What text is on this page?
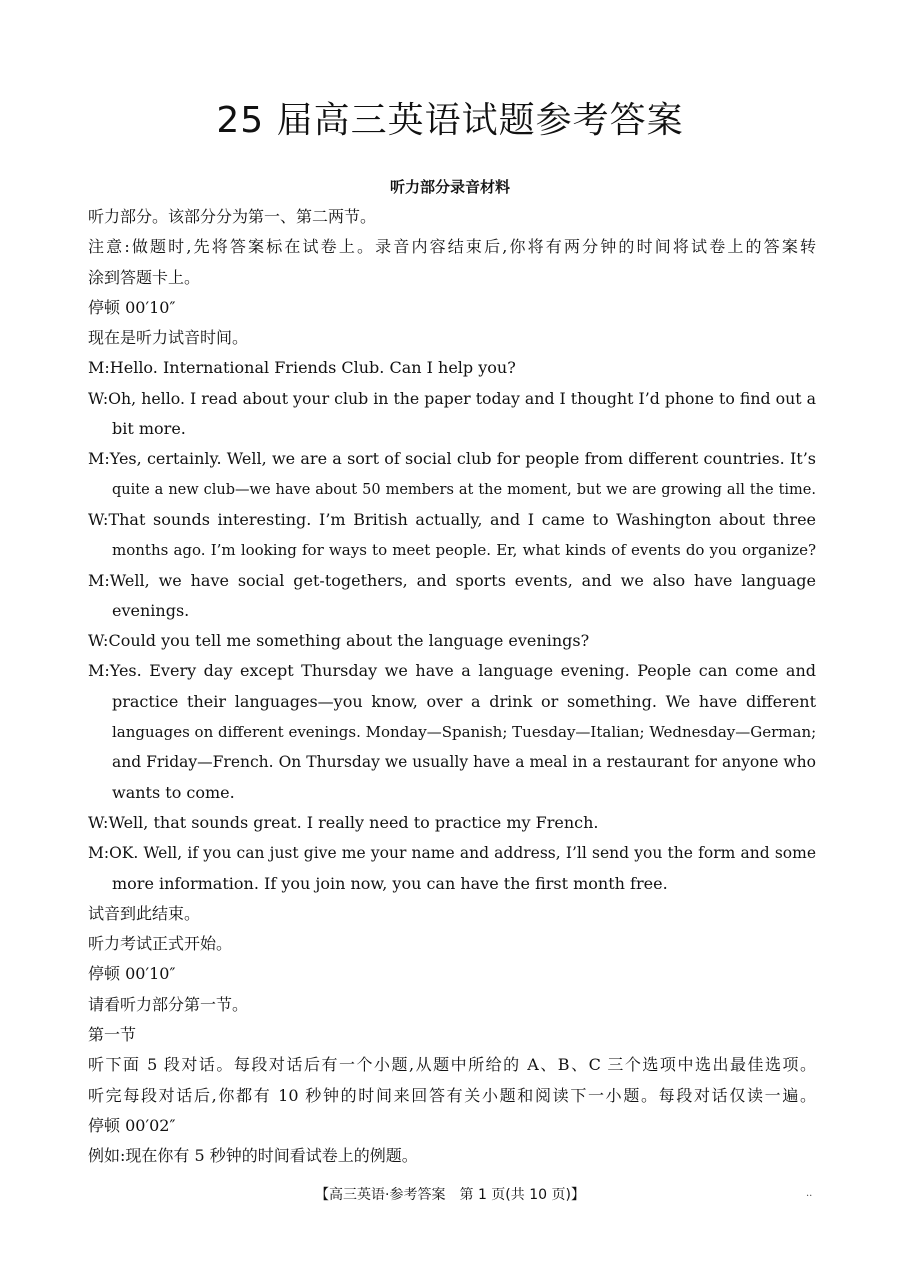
25 届高三英语试题参考答案
听力部分录音材料
听力部分。该部分分为第一、第二两节。
注意:做题时,先将答案标在试卷上。录音内容结束后,你将有两分钟的时间将试卷上的答案转
涂到答题卡上。
停顿 00′10″
现在是听力试音时间。
M:Hello. International Friends Club. Can I help you?
W:Oh, hello. I read about your club in the paper today and I thought I’d phone to find out a
bit more.
M:Yes, certainly. Well, we are a sort of social club for people from different countries. It’s
quite a new club—we have about 50 members at the moment, but we are growing all the time.
W:That sounds interesting. I’m British actually, and I came to Washington about three
months ago. I’m looking for ways to meet people. Er, what kinds of events do you organize?
M:Well, we have social get-togethers, and sports events, and we also have language
evenings.
W:Could you tell me something about the language evenings?
M:Yes. Every day except Thursday we have a language evening. People can come and
practice their languages—you know, over a drink or something. We have different
languages on different evenings. Monday—Spanish; Tuesday—Italian; Wednesday—German;
and Friday—French. On Thursday we usually have a meal in a restaurant for anyone who
wants to come.
W:Well, that sounds great. I really need to practice my French.
M:OK. Well, if you can just give me your name and address, I’ll send you the form and some
more information. If you join now, you can have the first month free.
试音到此结束。
听力考试正式开始。
停顿 00′10″
请看听力部分第一节。
第一节
听下面 5 段对话。每段对话后有一个小题,从题中所给的 A、B、C 三个选项中选出最佳选项。
听完每段对话后,你都有 10 秒钟的时间来回答有关小题和阅读下一小题。每段对话仅读一遍。
停顿 00′02″
例如:现在你有 5 秒钟的时间看试卷上的例题。
【高三英语·参考答案　第 1 页(共 10 页)】	..
